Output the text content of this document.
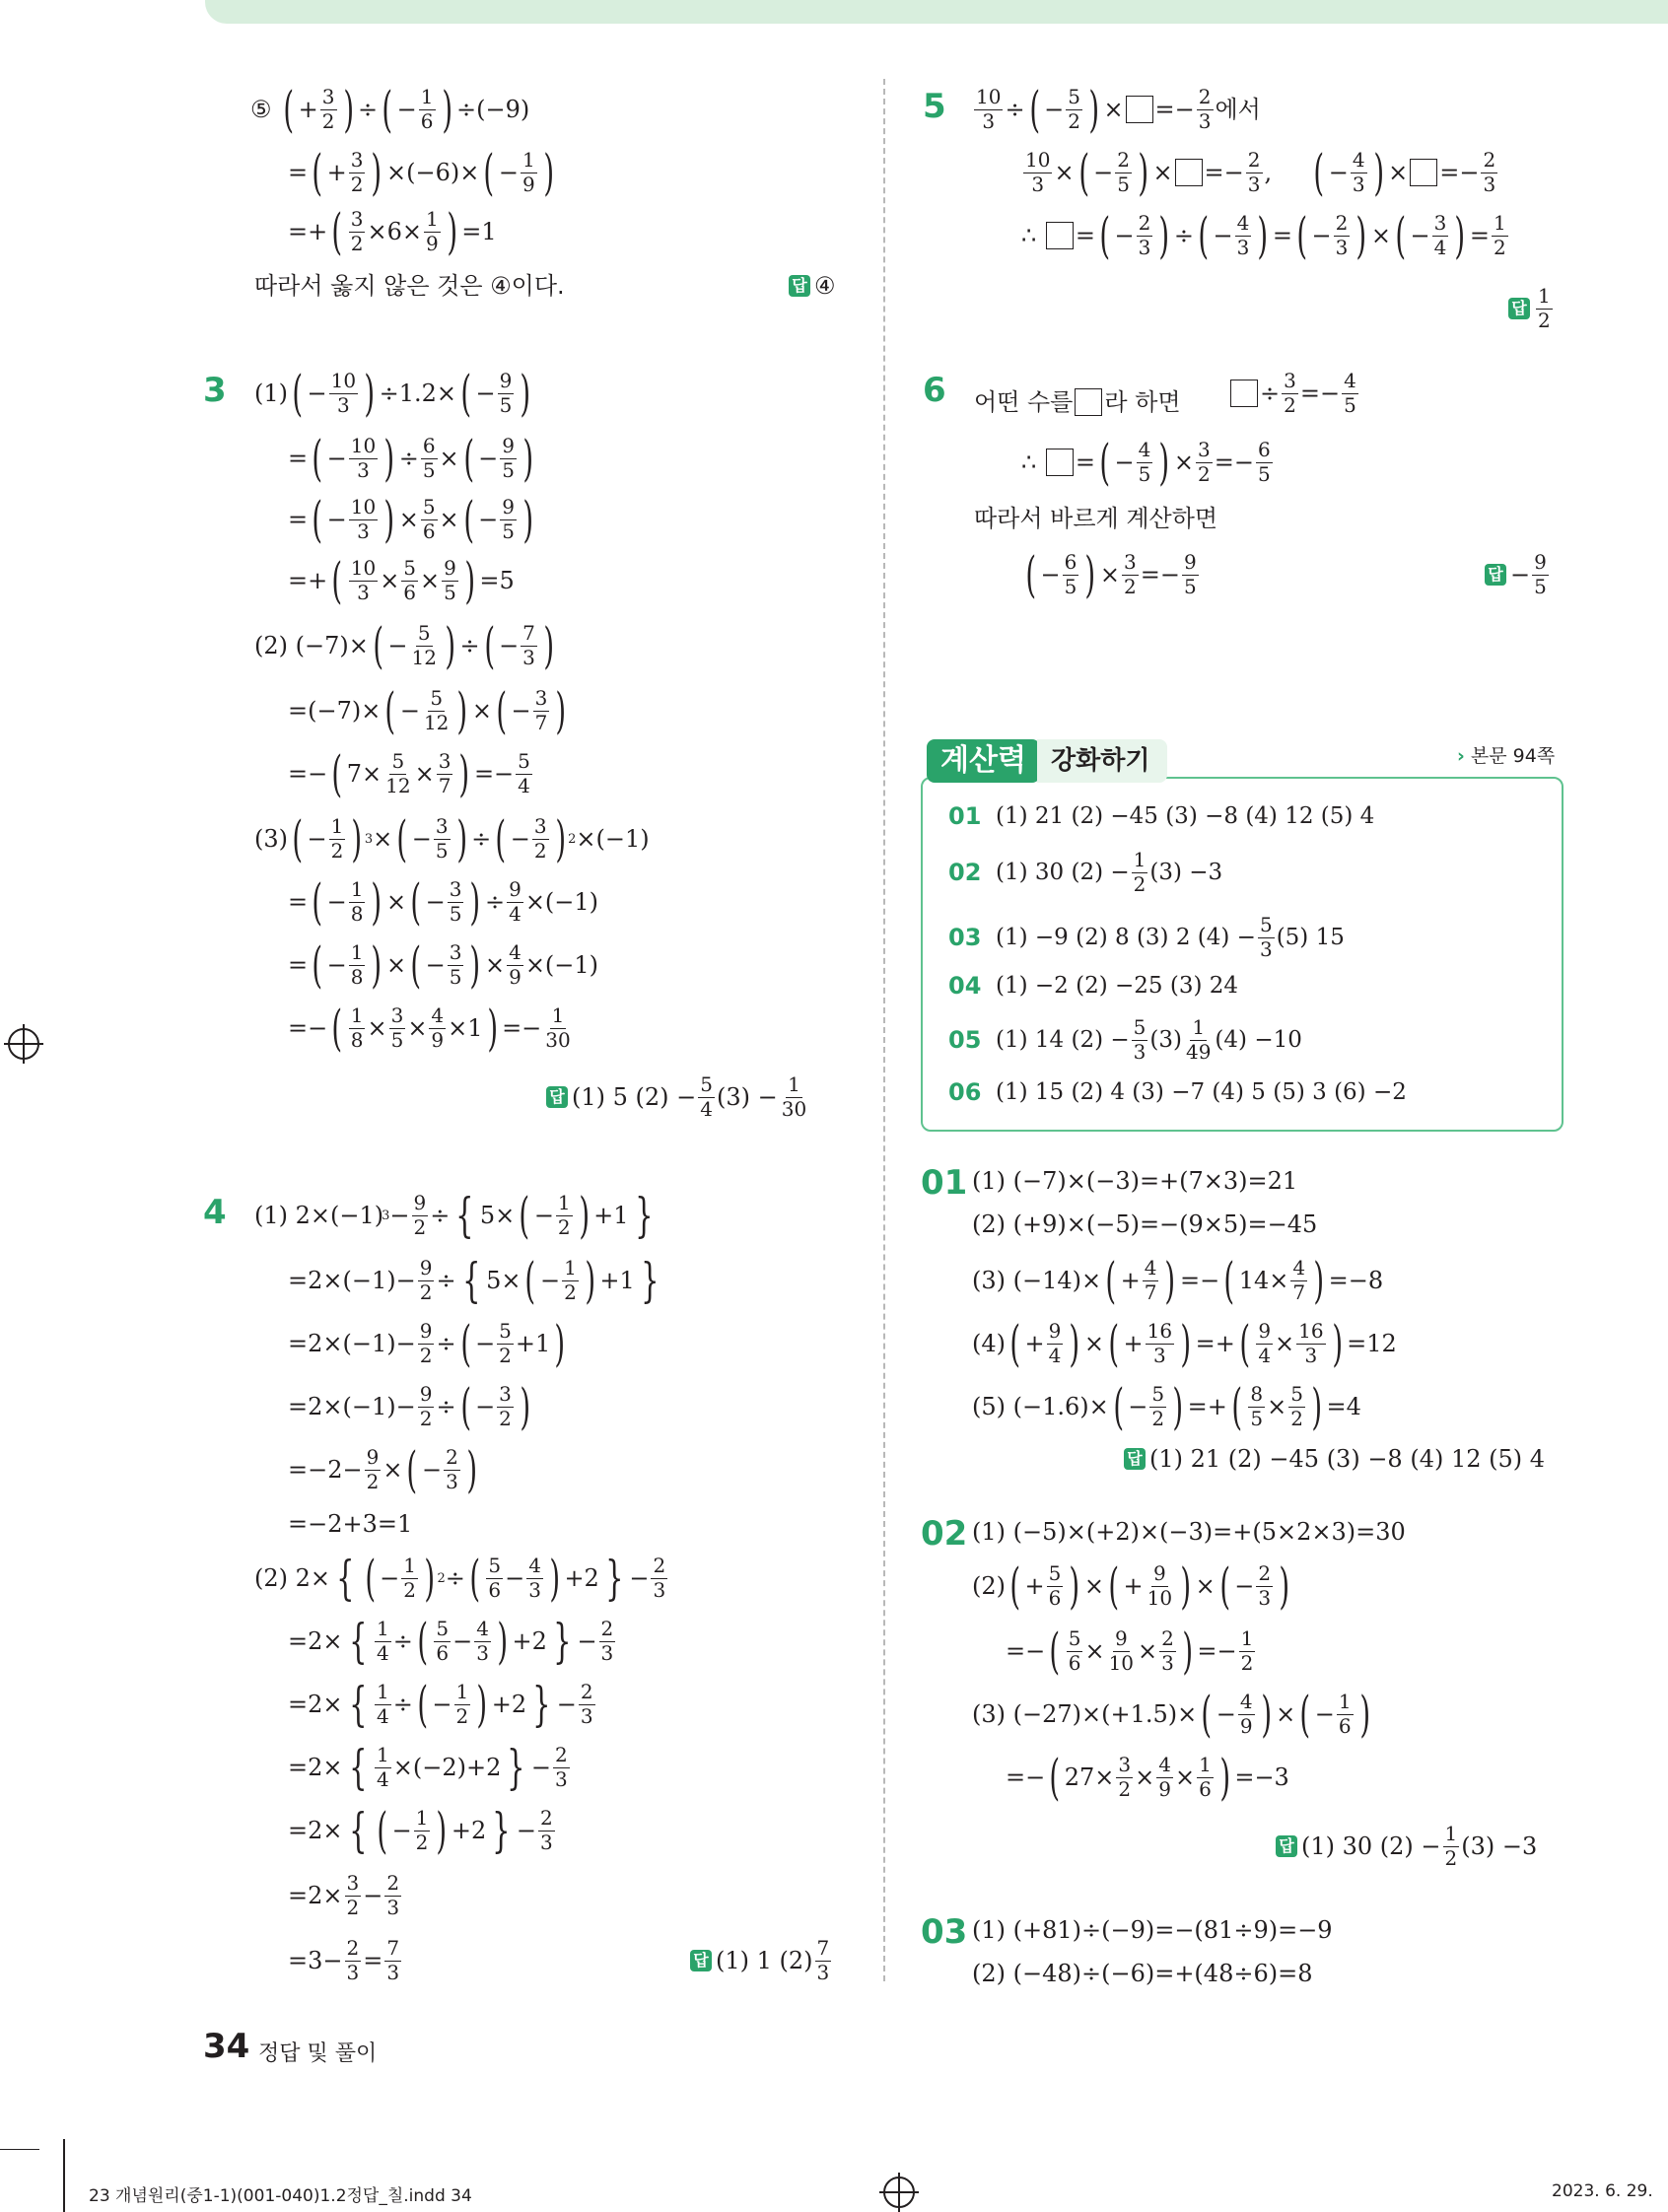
⑤
( + $\frac{3}{2}$ ) ÷ ( − $\frac{1}{6}$ ) ÷(−9)
= ( + $\frac{3}{2}$ ) ×(−6)× ( − $\frac{1}{9}$ )
=+ ( $\frac{3}{2} \times 6\times \frac{1}{9}$ ) =1
따라서 옳지 않은 것은 ④이다.	답 ④
3 (1) ( − $\frac{10}{3}$ ) ÷1.2× ( − $\frac{9}{5}$ )
= ( − $\frac{10}{3}$ ) ÷ $\frac{6}{5}$ × ( − $\frac{9}{5}$ )
= ( − $\frac{10}{3}$ ) × $\frac{5}{6}$ × ( − $\frac{9}{5}$ )
=+ ( $\frac{10}{3} \times \frac{5}{6} \times \frac{9}{5}$ ) =5
(2) (−7)× ( − $\frac{5}{12}$ ) ÷ ( − $\frac{7}{3}$ )
=(−7)× ( − $\frac{5}{12}$ ) × ( − $\frac{3}{7}$ )
=− ( $7\times \frac{5}{12} \times \frac{3}{7}$ ) =− $\frac{5}{4}$
(3) ( − $\frac{1}{2}$ ) 3 × ( − $\frac{3}{5}$ ) ÷ ( − $\frac{3}{2}$ ) 2 ×(−1)
= ( − $\frac{1}{8}$ ) × ( − $\frac{3}{5}$ ) ÷ $\frac{9}{4} \times(-1)$
= ( − $\frac{1}{8}$ ) × ( − $\frac{3}{5}$ ) × $\frac{4}{9} \times(-1)$
=− ( $\frac{1}{8} \times \frac{3}{5} \times \frac{4}{9} \times 1$ ) =− $\frac{1}{30}$
답 (1) 5 $(2) - \frac{5}{4} (3) - \frac{1}{30}$
4 (1) 2×(−1)
$3 - \frac{9}{2}$ ÷ { 5× ( − $\frac{1}{2}$ ) +1 }
$=2\times(-1)- \frac{9}{2}$ ÷ { 5× ( − $\frac{1}{2}$ ) +1 }
$=2\times(-1)- \frac{9}{2}$ ÷ ( − $\frac{5}{2} +1$ )
$=2\times(-1)- \frac{9}{2}$ ÷ ( − $\frac{3}{2}$ )
$=-2- \frac{9}{2}$ × ( − $\frac{2}{3}$ )
=−2+3=1
(2) 2× { ( − $\frac{1}{2}$ ) 2 ÷ ( $\frac{5}{6} - \frac{4}{3}$ ) +2 } − $\frac{2}{3}$
=2× { $\frac{1}{4}$ ÷ ( $\frac{5}{6} - \frac{4}{3}$ ) +2 } − $\frac{2}{3}$
=2× { $\frac{1}{4}$ ÷ ( − $\frac{1}{2}$ ) +2 } − $\frac{2}{3}$
=2× { $\frac{1}{4} \times(-2)+2$ } − $\frac{2}{3}$
=2× { ( − $\frac{1}{2}$ ) +2 } − $\frac{2}{3}$
$=2\times \frac{3}{2} - \frac{2}{3}$
$=3- \frac{2}{3} = \frac{7}{3}$	답 (1) 1 $(2) \frac{7}{3}$
$5 \frac{10}{3}$ ÷ ( − $\frac{5}{2}$ ) × =− $\frac{2}{3}$ 에서
$\frac{10}{3}$ × ( − $\frac{2}{5}$ ) × =− $\frac{2}{3}$ , ( − $\frac{4}{3}$ ) × =− $\frac{2}{3}$
∴
= ( − $\frac{2}{3}$ ) ÷ ( − $\frac{4}{3}$ ) = ( − $\frac{2}{3}$ ) × ( − $\frac{3}{4}$ ) = $\frac{1}{2}$
답 $\frac{1}{2}$
6 어떤 수를 라 하면	÷ $\frac{3}{2} =- \frac{4}{5}$
∴
= ( − $\frac{4}{5}$ ) × $\frac{3}{2} =- \frac{6}{5}$
따라서 바르게 계산하면
( − $\frac{6}{5}$ ) × $\frac{3}{2} =- \frac{9}{5}$	답 − $\frac{9}{5}$
계산력 강화하기	› 본문 94쪽
01 (1) 21 (2) −45 (3) −8 (4) 12 (5) 4
02 (1) 30 $(2) - \frac{1}{2} (3) -3$
03 (1) −9 (2) 8 (3) 2 $(4) - \frac{5}{3} (5)$ 15
04 (1) −2 (2) −25 (3) 24
05 (1) 14 $(2) - \frac{5}{3} (3) \frac{1}{49} (4) -10$
06 (1) 15 (2) 4 (3) −7 (4) 5 (5) 3 (6) −2
01 (1) (−7)×(−3)=+(7×3)=21
(2) (+9)×(−5)=−(9×5)=−45
(3) (−14)× ( + $\frac{4}{7}$ ) =− ( $14\times \frac{4}{7}$ ) =−8
(4) ( + $\frac{9}{4}$ ) × ( + $\frac{16}{3}$ ) =+ ( $\frac{9}{4} \times \frac{16}{3}$ ) =12
(5) (−1.6)× ( − $\frac{5}{2}$ ) =+ ( $\frac{8}{5} \times \frac{5}{2}$ ) =4
답 (1) 21 (2) −45 (3) −8 (4) 12 (5) 4
02 (1) (−5)×(+2)×(−3)=+(5×2×3)=30
(2) ( + $\frac{5}{6}$ ) × ( + $\frac{9}{10}$ ) × ( − $\frac{2}{3}$ )
=− ( $\frac{5}{6} \times \frac{9}{10} \times \frac{2}{3}$ ) =− $\frac{1}{2}$
(3) (−27)×(+1.5)× ( − $\frac{4}{9}$ ) × ( − $\frac{1}{6}$ )
=− ( $27\times \frac{3}{2} \times \frac{4}{9} \times \frac{1}{6}$ ) =−3
답 (1) 30 $(2) - \frac{1}{2} (3) -3$
03 (1) (+81)÷(−9)=−(81÷9)=−9
(2) (−48)÷(−6)=+(48÷6)=8
34 정답 및 풀이
23 개념원리(중1-1)(001-040)1.2정답_칠.indd 34	2023. 6. 29.
